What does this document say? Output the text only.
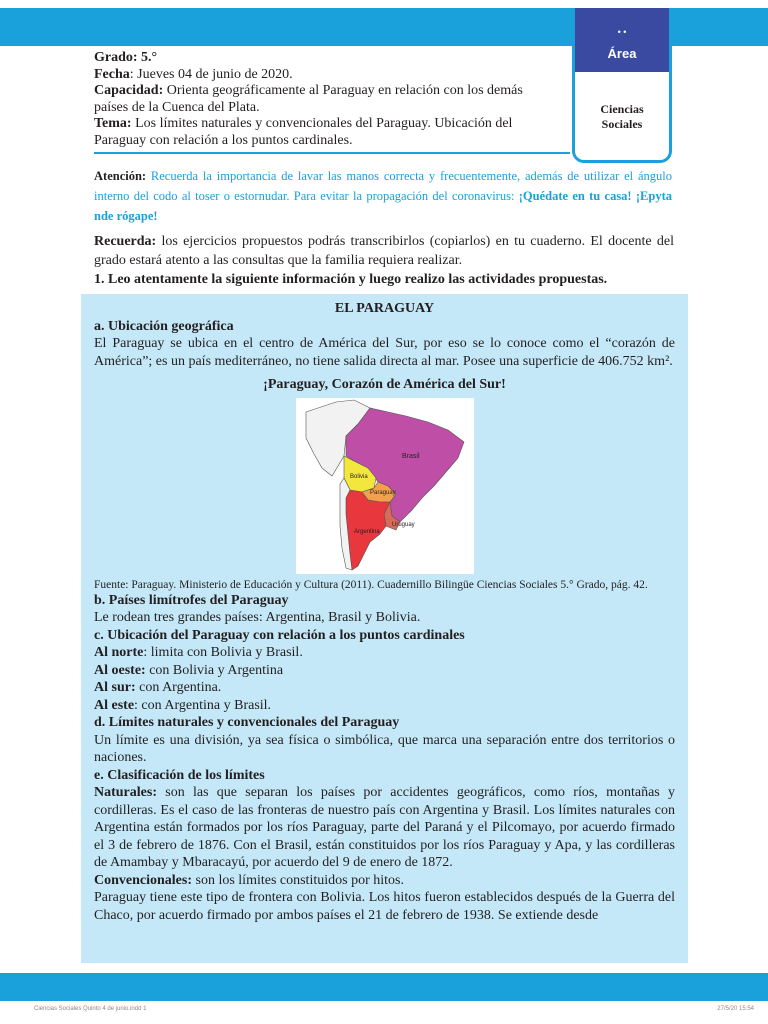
• •
Área
Ciencias
Sociales

Grado: 5.°

Fecha: Jueves 04 de junio de 2020.

Capacidad: Orienta geográficamente al Paraguay en relación con los demás países de la Cuenca del Plata.

Tema: Los límites naturales y convencionales del Paraguay. Ubicación del Paraguay con relación a los puntos cardinales.

Atención: Recuerda la importancia de lavar las manos correcta y frecuentemente, además de utilizar el ángulo interno del codo al toser o estornudar. Para evitar la propagación del coronavirus: ¡Quédate en tu casa! ¡Epyta nde rógape!
Recuerda: los ejercicios propuestos podrás transcribirlos (copiarlos) en tu cuaderno. El docente del grado estará atento a las consultas que la familia requiera realizar.
1. Leo atentamente la siguiente información y luego realizo las actividades propuestas.

EL PARAGUAY

a. Ubicación geográfica

El Paraguay se ubica en el centro de América del Sur, por eso se lo conoce como el “corazón de América”; es un país mediterráneo, no tiene salida directa al mar. Posee una superficie de 406.752 km².

¡Paraguay, Corazón de América del Sur!

Brasil
Bolivia
Paraguay
Argentina
Uruguay

Fuente: Paraguay. Ministerio de Educación y Cultura (2011). Cuadernillo Bilingüe Ciencias Sociales 5.° Grado, pág. 42.

b. Países limítrofes del Paraguay

Le rodean tres grandes países: Argentina, Brasil y Bolivia.

c. Ubicación del Paraguay con relación a los puntos cardinales

Al norte: limita con Bolivia y Brasil.

Al oeste: con Bolivia y Argentina

Al sur: con Argentina.

Al este: con Argentina y Brasil.

d. Límites naturales y convencionales del Paraguay

Un límite es una división, ya sea física o simbólica, que marca una separación entre dos territorios o naciones.

e. Clasificación de los límites

Naturales: son las que separan los países por accidentes geográficos, como ríos, montañas y cordilleras. Es el caso de las fronteras de nuestro país con Argentina y Brasil. Los límites naturales con Argentina están formados por los ríos Paraguay, parte del Paraná y el Pilcomayo, por acuerdo firmado el 3 de febrero de 1876. Con el Brasil, están constituidos por los ríos Paraguay y Apa, y las cordilleras de Amambay y Mbaracayú, por acuerdo del 9 de enero de 1872.

Convencionales: son los límites constituidos por hitos.

Paraguay tiene este tipo de frontera con Bolivia. Los hitos fueron establecidos después de la Guerra del Chaco, por acuerdo firmado por ambos países el 21 de febrero de 1938. Se extiende desde

Ciencias Sociales Quinto 4 de junio.indd 1	27/5/20 15:54
